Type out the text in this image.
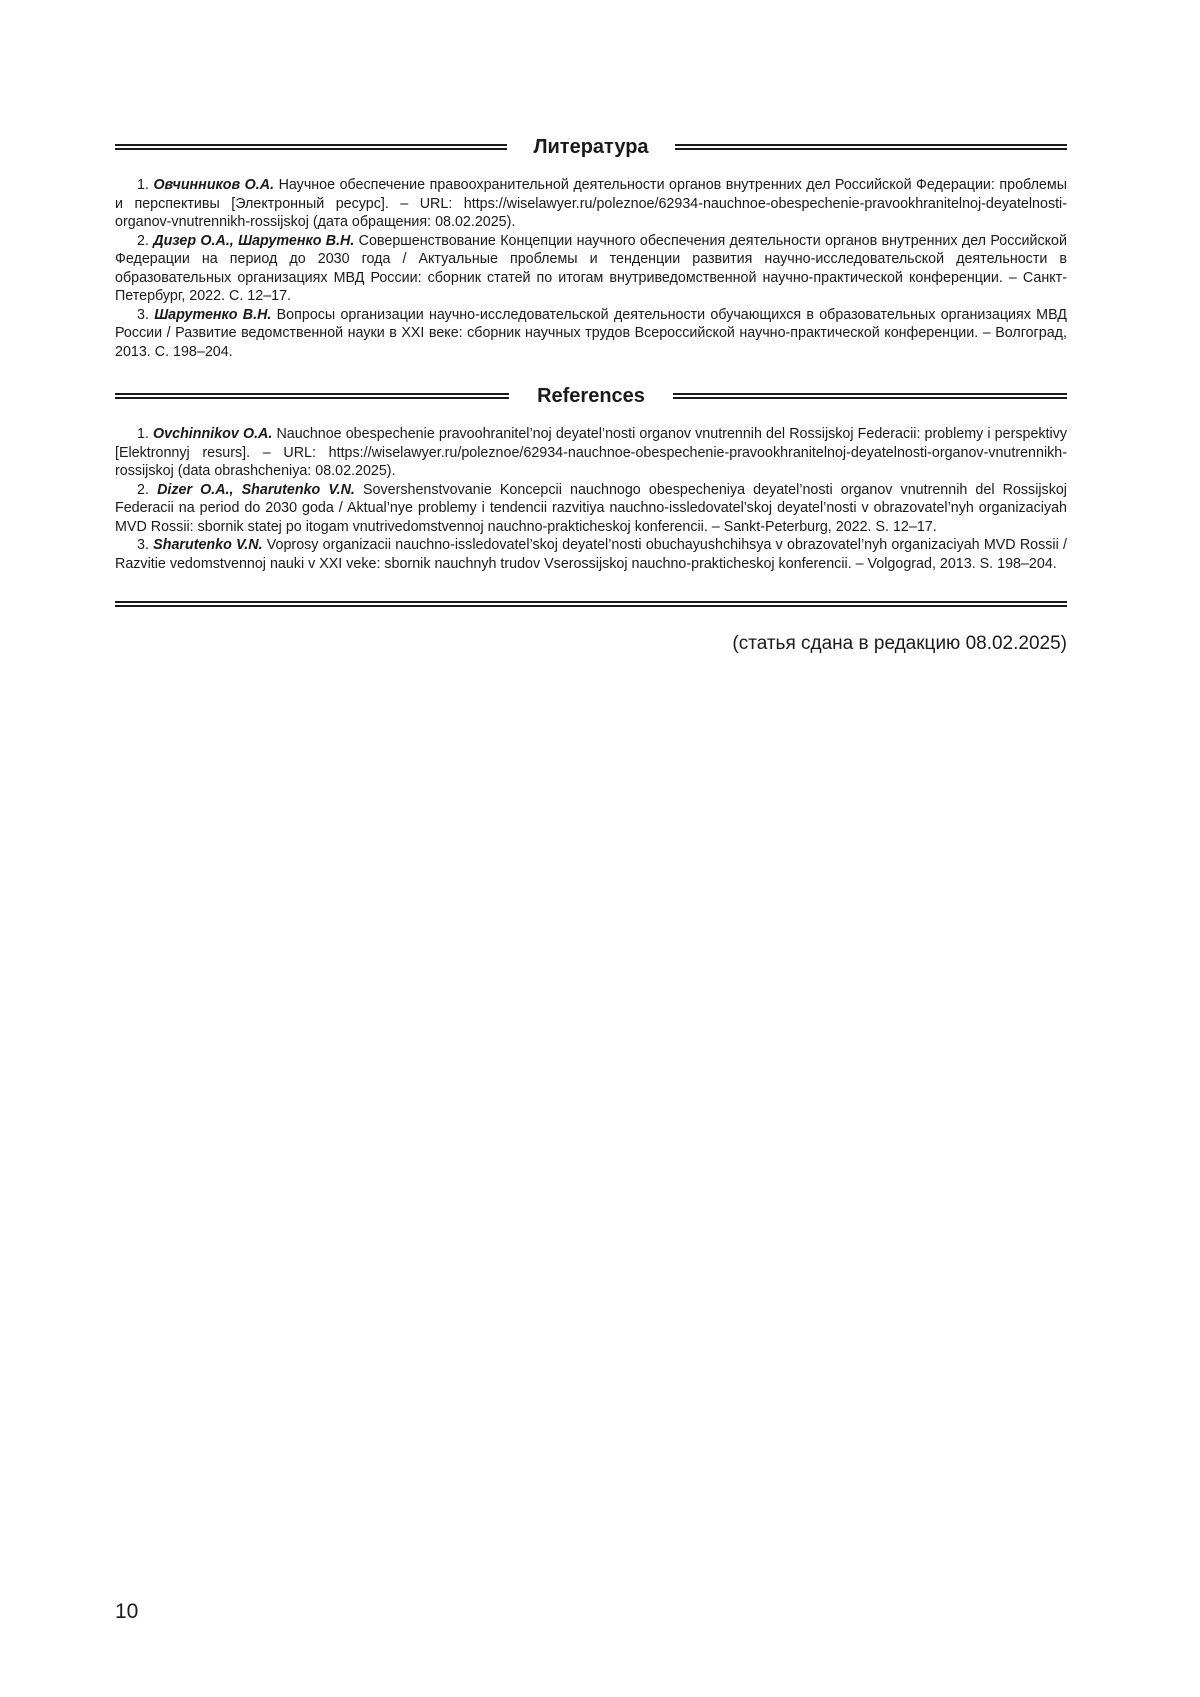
Литература
1. Овчинников О.А. Научное обеспечение правоохранительной деятельности органов внутренних дел Российской Федерации: проблемы и перспективы [Электронный ресурс]. – URL: https://wiselawyer.ru/poleznoe/62934-nauchnoe-obespechenie-pravookhranitelnoj-deyatelnosti-organov-vnutrennikh-rossijskoj (дата обращения: 08.02.2025).
2. Дизер О.А., Шарутенко В.Н. Совершенствование Концепции научного обеспечения деятельности органов внутренних дел Российской Федерации на период до 2030 года / Актуальные проблемы и тенденции развития научно-исследовательской деятельности в образовательных организациях МВД России: сборник статей по итогам внутриведомственной научно-практической конференции. – Санкт-Петербург, 2022. С. 12–17.
3. Шарутенко В.Н. Вопросы организации научно-исследовательской деятельности обучающихся в образовательных организациях МВД России / Развитие ведомственной науки в XXI веке: сборник научных трудов Всероссийской научно-практической конференции. – Волгоград, 2013. С. 198–204.
References
1. Ovchinnikov O.A. Nauchnoe obespechenie pravoohranitel’noj deyatel’nosti organov vnutrennih del Rossijskoj Federacii: problemy i perspektivy [Elektronnyj resurs]. – URL: https://wiselawyer.ru/poleznoe/62934-nauchnoe-obespechenie-pravookhranitelnoj-deyatelnosti-organov-vnutrennikh-rossijskoj (data obrashcheniya: 08.02.2025).
2. Dizer O.A., Sharutenko V.N. Sovershenstvovanie Koncepcii nauchnogo obespecheniya deyatel’nosti organov vnutrennih del Rossijskoj Federacii na period do 2030 goda / Aktual’nye problemy i tendencii razvitiya nauchno-issledovatel’skoj deyatel’nosti v obrazovatel’nyh organizaciyah MVD Rossii: sbornik statej po itogam vnutrivedomstvennoj nauchno-prakticheskoj konferencii. – Sankt-Peterburg, 2022. S. 12–17.
3. Sharutenko V.N. Voprosy organizacii nauchno-issledovatel’skoj deyatel’nosti obuchayushchihsya v obrazovatel’nyh organizaciyah MVD Rossii / Razvitie vedomstvennoj nauki v XXI veke: sbornik nauchnyh trudov Vserossijskoj nauchno-prakticheskoj konferencii. – Volgograd, 2013. S. 198–204.
(статья сдана в редакцию 08.02.2025)
10
